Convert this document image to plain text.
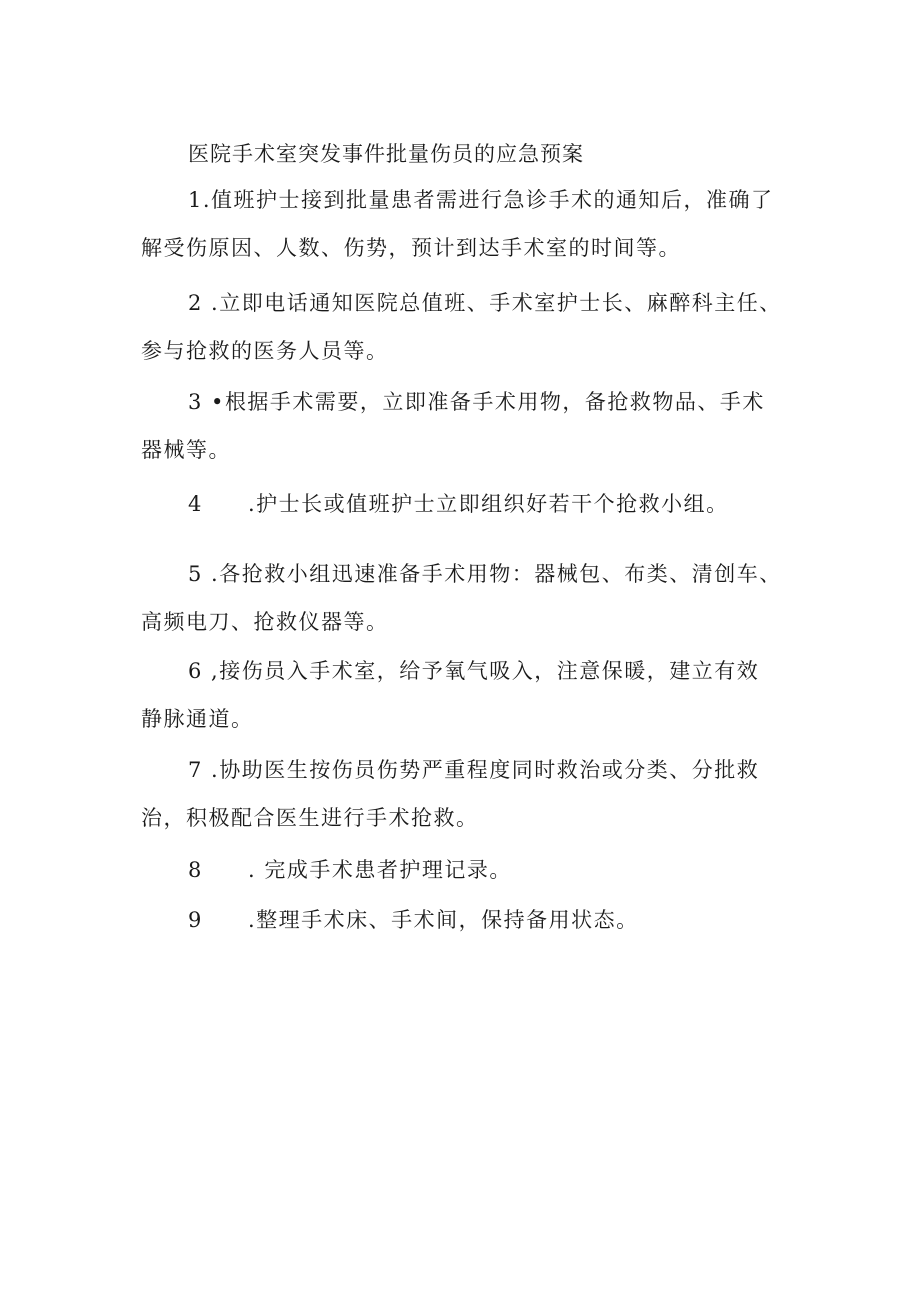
医院手术室突发事件批量伤员的应急预案
1.值班护士接到批量患者需进行急诊手术的通知后，准确了
解受伤原因、人数、伤势，预计到达手术室的时间等。
2 .立即电话通知医院总值班、手术室护士长、麻醉科主任、
参与抢救的医务人员等。
3 •根据手术需要，立即准备手术用物，备抢救物品、手术
器械等。
4 .护士长或值班护士立即组织好若干个抢救小组。
5 .各抢救小组迅速准备手术用物：器械包、布类、清创车、
高频电刀、抢救仪器等。
6 ,接伤员入手术室，给予氧气吸入，注意保暖，建立有效
静脉通道。
7 .协助医生按伤员伤势严重程度同时救治或分类、分批救
治，积极配合医生进行手术抢救。
8 . 完成手术患者护理记录。
9 .整理手术床、手术间，保持备用状态。
